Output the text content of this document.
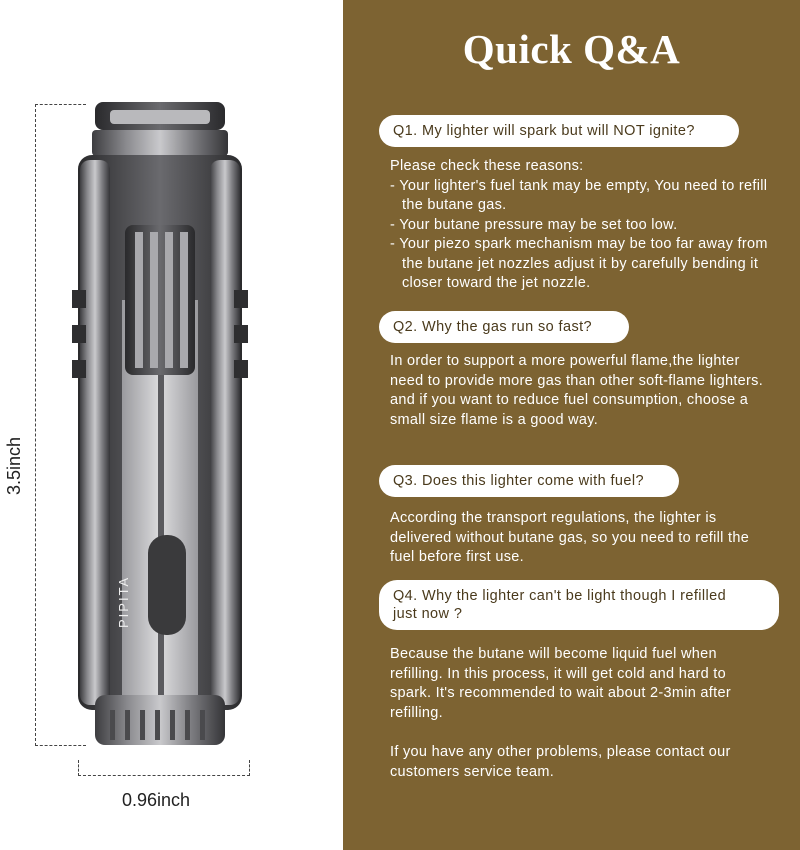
3.5inch
PIPITA
0.96inch
Quick Q&A
Q1. My lighter will spark but will NOT ignite?

Please check these reasons:

- Your lighter's fuel tank may be empty, You need to refill the butane gas.

- Your butane pressure may be set too low.

- Your piezo spark mechanism may be too far away from the butane jet nozzles adjust it by carefully bending it closer toward the jet nozzle.

Q2. Why the gas run so fast?
In order to support a more powerful flame,the lighter need to provide more gas than other soft-flame lighters. and if you want to reduce fuel consumption, choose a small size flame is a good way.
Q3. Does this lighter come with fuel?
According the transport regulations, the lighter is delivered without butane gas, so you need to refill the fuel before first use.
Q4. Why the lighter can't be light though I refilled
just now ?
Because the butane will become liquid fuel when refilling. In this process, it will get cold and hard to spark. It's recommended to wait about 2-3min after refilling.
If you have any other problems, please contact our customers service team.
